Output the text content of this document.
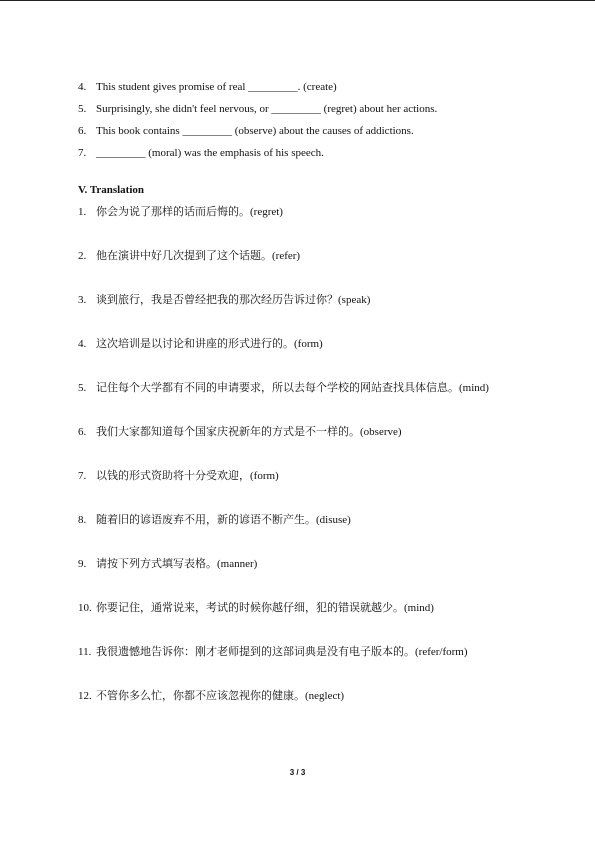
4. This student gives promise of real _________. (create)
5. Surprisingly, she didn't feel nervous, or _________ (regret) about her actions.
6. This book contains _________ (observe) about the causes of addictions.
7. _________ (moral) was the emphasis of his speech.
V. Translation
1. 你会为说了那样的话而后悔的。(regret)
2. 他在演讲中好几次提到了这个话题。(refer)
3. 谈到旅行，我是否曾经把我的那次经历告诉过你？(speak)
4. 这次培训是以讨论和讲座的形式进行的。(form)
5. 记住每个大学都有不同的申请要求，所以去每个学校的网站查找具体信息。(mind)
6. 我们大家都知道每个国家庆祝新年的方式是不一样的。(observe)
7. 以钱的形式资助将十分受欢迎，(form)
8. 随着旧的谚语废弃不用，新的谚语不断产生。(disuse)
9. 请按下列方式填写表格。(manner)
10. 你要记住，通常说来，考试的时候你越仔细，犯的错误就越少。(mind)
11. 我很遗憾地告诉你：刚才老师提到的这部词典是没有电子版本的。(refer/form)
12. 不管你多么忙，你都不应该忽视你的健康。(neglect)
3 / 3
